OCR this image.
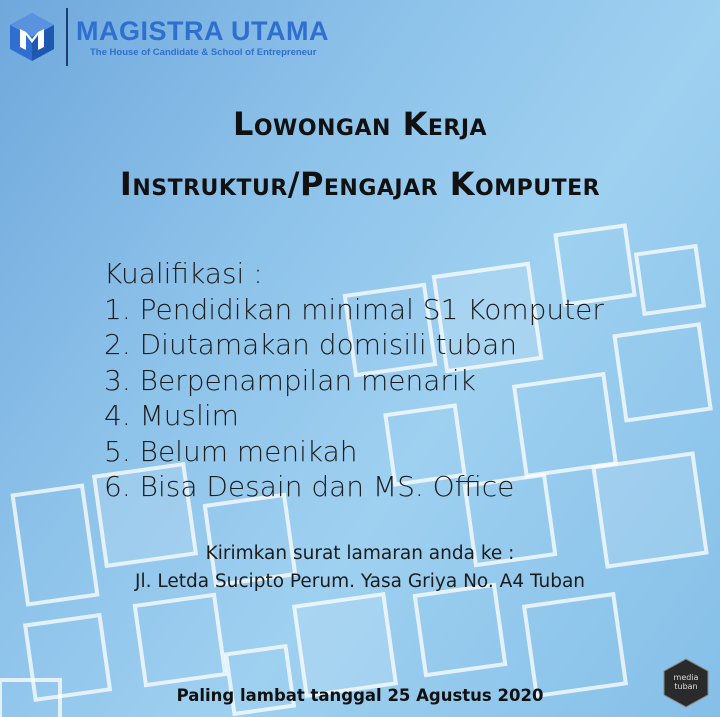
MAGISTRA UTAMA
The House of Candidate & School of Entrepreneur
Lowongan Kerja
Instruktur/Pengajar Komputer
Kualifikasi :
1. Pendidikan minimal S1 Komputer
2. Diutamakan domisili tuban
3. Berpenampilan menarik
4. Muslim
5. Belum menikah
6. Bisa Desain dan MS. Office
Kirimkan surat lamaran anda ke :
Jl. Letda Sucipto Perum. Yasa Griya No. A4 Tuban
Paling lambat tanggal 25 Agustus 2020
media
tuban
